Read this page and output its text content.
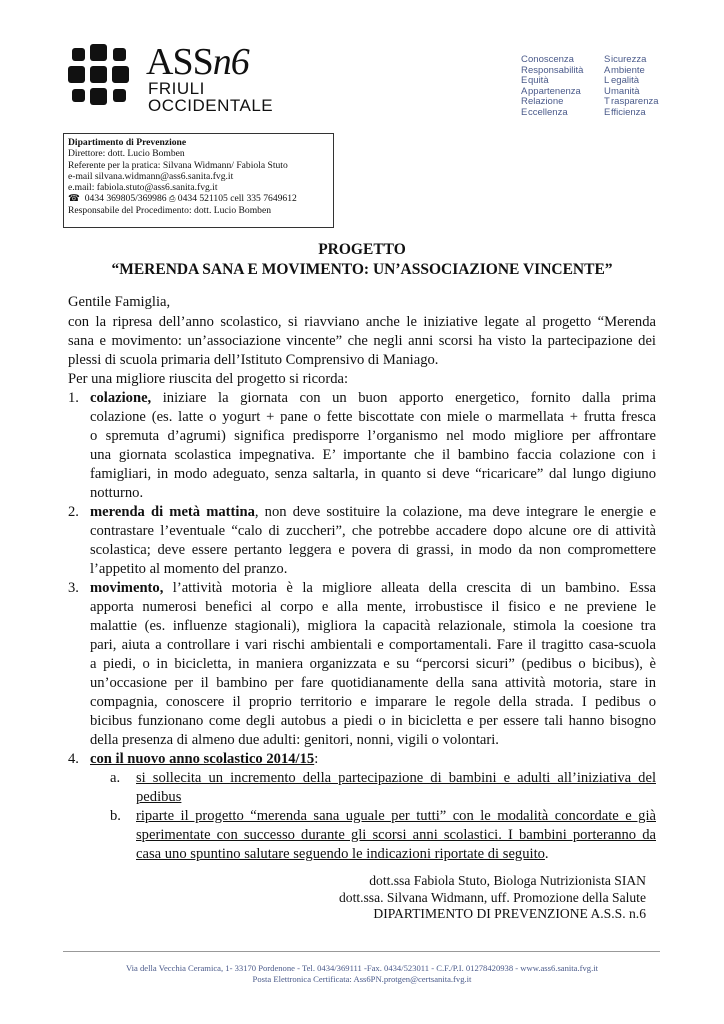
ASSn6
FRIULI
OCCIDENTALE
Conoscenza
Responsabilità
Equità
Appartenenza
Relazione
Eccellenza
Sicurezza
Ambiente
L egalità
Umanità
Trasparenza
Efficienza
Dipartimento di Prevenzione
Direttore: dott. Lucio Bomben
Referente per la pratica: Silvana Widmann/ Fabiola Stuto
e-mail silvana.widmann@ass6.sanita.fvg.it
e.mail: fabiola.stuto@ass6.sanita.fvg.it
☎ 0434 369805/369986 ⎙ 0434 521105 cell 335 7649612
Responsabile del Procedimento: dott. Lucio Bomben
PROGETTO
“MERENDA SANA E MOVIMENTO: UN’ASSOCIAZIONE VINCENTE”
Gentile Famiglia,
con la ripresa dell’anno scolastico, si riavviano anche le iniziative legate al progetto “Merenda
sana e movimento: un’associazione vincente” che negli anni scorsi ha visto la partecipazione dei
plessi di scuola primaria dell’Istituto Comprensivo di Maniago.
Per una migliore riuscita del progetto si ricorda:
1. colazione, iniziare la giornata con un buon apporto energetico, fornito dalla prima
colazione (es. latte o yogurt + pane o fette biscottate con miele o marmellata + frutta fresca
o spremuta d’agrumi) significa predisporre l’organismo nel modo migliore per affrontare
una giornata scolastica impegnativa. E’ importante che il bambino faccia colazione con i
famigliari, in modo adeguato, senza saltarla, in quanto si deve “ricaricare” dal lungo digiuno
notturno.
2. merenda di metà mattina, non deve sostituire la colazione, ma deve integrare le energie e
contrastare l’eventuale “calo di zuccheri”, che potrebbe accadere dopo alcune ore di attività
scolastica; deve essere pertanto leggera e povera di grassi, in modo da non compromettere
l’appetito al momento del pranzo.
3. movimento, l’attività motoria è la migliore alleata della crescita di un bambino. Essa
apporta numerosi benefici al corpo e alla mente, irrobustisce il fisico e ne previene le
malattie (es. influenze stagionali), migliora la capacità relazionale, stimola la coesione tra
pari, aiuta a controllare i vari rischi ambientali e comportamentali. Fare il tragitto casa-scuola
a piedi, o in bicicletta, in maniera organizzata e su “percorsi sicuri” (pedibus o bicibus), è
un’occasione per il bambino per fare quotidianamente della sana attività motoria, stare in
compagnia, conoscere il proprio territorio e imparare le regole della strada. I pedibus o
bicibus funzionano come degli autobus a piedi o in bicicletta e per essere tali hanno bisogno
della presenza di almeno due adulti: genitori, nonni, vigili o volontari.
4. con il nuovo anno scolastico 2014/15:
a. si sollecita un incremento della partecipazione di bambini e adulti all’iniziativa del
pedibus
b. riparte il progetto “merenda sana uguale per tutti” con le modalità concordate e già
sperimentate con successo durante gli scorsi anni scolastici. I bambini porteranno da
casa uno spuntino salutare seguendo le indicazioni riportate di seguito.
dott.ssa Fabiola Stuto, Biologa Nutrizionista SIAN
dott.ssa. Silvana Widmann, uff. Promozione della Salute
DIPARTIMENTO DI PREVENZIONE A.S.S. n.6
Via della Vecchia Ceramica, 1- 33170 Pordenone - Tel. 0434/369111 -Fax. 0434/523011 - C.F./P.I. 01278420938 - www.ass6.sanita.fvg.it
Posta Elettronica Certificata: Ass6PN.protgen@certsanita.fvg.it
